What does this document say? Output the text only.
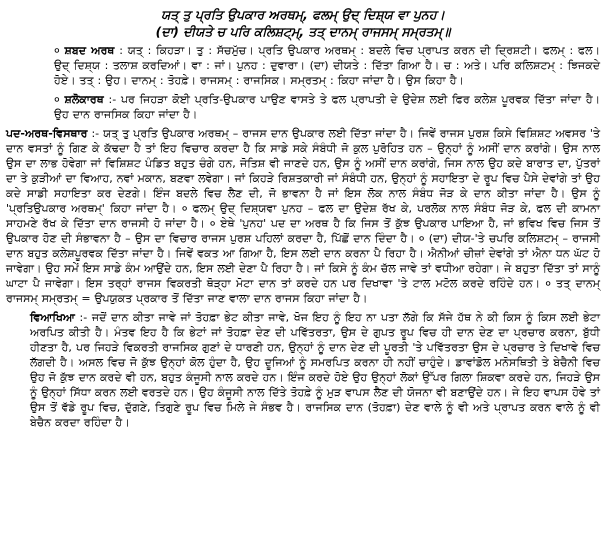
ਯਤ੍ ਤੁ ਪ੍ਰਤਿ ਉਪਕਾਰ ਅਰਥਮ੍, ਫਲਮ੍ ਉਦ੍ ਦਿਸ਼੍ਯ ਵਾ ਪੁਨਹ।
(ਦਾ) ਦੀਯਤੇ ਚ ਪਰਿ ਕਲਿਸ਼ਟ੍ਮ੍, ਤਤ੍ ਦਾਨਮ੍ ਰਾਜਸਮ੍ ਸਮ੍ਰਤਮ੍॥

० ਸ਼ਬਦ ਅਰਥ : ਯਤ੍ : ਕਿਹੜਾ। ਤੁ : ਸੱਚਮੁੱਚ। ਪ੍ਰਤਿ ਉਪਕਾਰ ਅਰਥਮ੍ : ਬਦਲੇ ਵਿਚ ਪ੍ਰਾਪਤ ਕਰਨ ਦੀ ਦ੍ਰਿਸ਼ਟੀ। ਫਲਮ੍ : ਫਲ। ਉਦ੍ ਦਿਸ਼੍ਯ : ਤਲਾਸ਼ ਕਰਦਿਆਂ। ਵਾ : ਜਾਂ। ਪੁਨਹ : ਦੁਵਾਰਾ। (ਦਾ) ਦੀਯਤੇ : ਦਿੱਤਾ ਗਿਆ ਹੈ। ਚ : ਅਤੇ। ਪਰਿ ਕਲਿਸ਼ਟਮ੍ : ਝਿਜਕਦੇ ਹੋਏ। ਤਤ੍ : ਉਹ। ਦਾਨਮ੍ : ਤੋਹਫ਼ੇ। ਰਾਜਸਮ੍ : ਰਾਜਸਿਕ। ਸਮ੍ਰਤਮ੍ : ਕਿਹਾ ਜਾਂਦਾ ਹੈ। ਉਸ ਕਿਹਾ ਹੈ।

० ਸ਼ਲੋਕਾਰਥ :- ਪਰ ਜਿਹੜਾ ਕੋਈ ਪ੍ਰਤਿ-ਉਪਕਾਰ ਪਾਉਣ ਵਾਸਤੇ ਤੇ ਫਲ ਪ੍ਰਾਪਤੀ ਦੇ ਉਦੇਸ਼ ਲਈ ਫਿਰ ਕਲੇਸ਼ ਪੂਰਵਕ ਦਿੱਤਾ ਜਾਂਦਾ ਹੈ। ਉਹ ਦਾਨ ਰਾਜਸਿਕ ਕਿਹਾ ਜਾਂਦਾ ਹੈ।

ਪਦ-ਅਰਥ-ਵਿਸਥਾਰ :- ਯਤ੍ ਤੁ ਪ੍ਰਤਿ ਉਪਕਾਰ ਅਰਥਮ੍ – ਰਾਜਸ ਦਾਨ ਉਪਕਾਰ ਲਈ ਦਿੱਤਾ ਜਾਂਦਾ ਹੈ। ਜਿਵੇਂ ਰਾਜਸ ਪੁਰਸ਼ ਕਿਸੇ ਵਿਸ਼ਿਸ਼ਟ ਅਵਸਰ 'ਤੇ ਦਾਨ ਵਸਤਾਂ ਨੂੰ ਗਿਣ ਕੇ ਕੱਢਦਾ ਹੈ ਤਾਂ ਇਹ ਵਿਚਾਰ ਕਰਦਾ ਹੈ ਕਿ ਸਾਡੇ ਸਕੇ ਸੰਬੰਧੀ ਜੋ ਕੁਲ ਪੁਰੋਹਿਤ ਹਨ – ਉਨ੍ਹਾਂ ਨੂੰ ਅਸੀਂ ਦਾਨ ਕਰਾਂਗੇ। ਉਸ ਨਾਲ ਉਸ ਦਾ ਲਾਭ ਹੋਵੇਗਾ ਜਾਂ ਵਿਸ਼ਿਸ਼ਟ ਪੰਡਿਤ ਬਹੁਤ ਚੰਗੇ ਹਨ, ਜੋਤਿਸ਼ ਵੀ ਜਾਣਦੇ ਹਨ, ਉਸ ਨੂੰ ਅਸੀਂ ਦਾਨ ਕਰਾਂਗੇ, ਜਿਸ ਨਾਲ ਉਹ ਕਦੇ ਬਾਰਾਤ ਦਾ, ਪੁੱਤਰਾਂ ਦਾ ਤੇ ਕੁੜੀਆਂ ਦਾ ਵਿਆਹ, ਨਵਾਂ ਮਕਾਨ, ਬਣਵਾ ਲਵੇਗਾ। ਜਾਂ ਕਿਹੜੇ ਰਿਸ਼ਤਕਾਰੀ ਜਾਂ ਸੰਬੰਧੀ ਹਨ, ਉਨ੍ਹਾਂ ਨੂੰ ਸਹਾਇਤਾ ਦੇ ਰੂਪ ਵਿਚ ਪੈਸੇ ਦੇਵਾਂਗੇ ਤਾਂ ਉਹ ਕਦੇ ਸਾਡੀ ਸਹਾਇਤਾ ਕਰ ਦੇਣਗੇ। ਇੰਜ ਬਦਲੇ ਵਿਚ ਲੈਣ ਦੀ, ਜੋ ਭਾਵਨਾ ਹੈ ਜਾਂ ਇਸ ਲੋਕ ਨਾਲ ਸੰਬੰਧ ਜੋੜ ਕੇ ਦਾਨ ਕੀਤਾ ਜਾਂਦਾ ਹੈ। ਉਸ ਨੂੰ 'ਪ੍ਰਤਿਉਪਕਾਰ ਅਰਥਮ੍' ਕਿਹਾ ਜਾਂਦਾ ਹੈ। ० ਫਲਮ੍ ਉਦ੍ ਦਿਸ਼੍ਯਵਾ ਪੁਨਹ – ਫਲ ਦਾ ਉਦੇਸ਼ ਰੱਖ ਕੇ, ਪਰਲੋਕ ਨਾਲ ਸੰਬੰਧ ਜੋੜ ਕੇ, ਫਲ ਦੀ ਕਾਮਨਾ ਸਾਹਮਣੇ ਰੱਖ ਕੇ ਦਿੱਤਾ ਦਾਨ ਰਾਜਸੀ ਹੋ ਜਾਂਦਾ ਹੈ। ० ਏਥੇ 'ਪੁਨਹ' ਪਦ ਦਾ ਅਰਥ ਹੈ ਕਿ ਜਿਸ ਤੋਂ ਕੁੱਝ ਉਪਕਾਰ ਪਾਇਆ ਹੈ, ਜਾਂ ਭਵਿਖ ਵਿਚ ਜਿਸ ਤੋਂ ਉਪਕਾਰ ਹੋਣ ਦੀ ਸੰਭਾਵਨਾ ਹੈ – ਉਸ ਦਾ ਵਿਚਾਰ ਰਾਜਸ ਪੁਰਸ਼ ਪਹਿਲਾਂ ਕਰਦਾ ਹੈ, ਪਿੱਛੋਂ ਦਾਨ ਦਿੰਦਾ ਹੈ। ० (ਦਾ) ਦੀਯ-'ਤੇ ਚਪਰਿ ਕਲਿਸ਼ਟਮ੍ – ਰਾਜਸੀ ਦਾਨ ਬਹੁਤ ਕਲੇਸ਼ਪੂਰਵਕ ਦਿੱਤਾ ਜਾਂਦਾ ਹੈ। ਜਿਵੇਂ ਵਕਤ ਆ ਗਿਆ ਹੈ, ਇਸ ਲਈ ਦਾਨ ਕਰਨਾ ਪੈ ਰਿਹਾ ਹੈ। ਐਨੀਆਂ ਚੀਜ਼ਾਂ ਦੇਵਾਂਗੇ ਤਾਂ ਐਨਾ ਧਨ ਘੱਟ ਹੋ ਜਾਵੇਗਾ। ਉਹ ਸਮੇਂ ਇਸ ਸਾਡੇ ਕੰਮ ਆਉਂਦੇ ਹਨ, ਇਸ ਲਈ ਦੇਣਾ ਪੈ ਰਿਹਾ ਹੈ। ਜਾਂ ਕਿਸੇ ਨੂੰ ਕੰਮ ਚੱਲ ਜਾਵੇ ਤਾਂ ਵਧੀਆ ਰਹੇਗਾ। ਜੇ ਬਹੁਤਾ ਦਿੱਤਾ ਤਾਂ ਸਾਨੂੰ ਘਾਟਾ ਪੈ ਜਾਵੇਗਾ। ਇਸ ਤਰ੍ਹਾਂ ਰਾਜਸ ਵਿਕਰਤੀ ਥੋੜ੍ਹਾ ਮੋਟਾ ਦਾਨ ਤਾਂ ਕਰਦੇ ਹਨ ਪਰ ਦਿਖਾਵਾ 'ਤੇ ਟਾਲ ਮਟੋਲ ਕਰਦੇ ਰਹਿੰਦੇ ਹਨ। ० ਤਤ੍ ਦਾਨਮ੍ ਰਾਜਸਮ੍ ਸਮ੍ਰਤਮ੍ = ਉਪਯੁਕਤ ਪ੍ਰਕਾਰ ਤੋਂ ਦਿੱਤਾ ਜਾਣ ਵਾਲਾ ਦਾਨ ਰਾਜਸ ਕਿਹਾ ਜਾਂਦਾ ਹੈ।

ਵਿਆਖਿਆ :- ਜਦੋਂ ਦਾਨ ਕੀਤਾ ਜਾਵੇ ਜਾਂ ਤੋਹਫ਼ਾ ਭੇਟ ਕੀਤਾ ਜਾਵੇ, ਖੋਜ ਇਹ ਨੂੰ ਇਹ ਨਾ ਪਤਾ ਲੱਗੇ ਕਿ ਸੱਜੇ ਹੱਥ ਨੇ ਕੀ ਕਿਸ ਨੂੰ ਕਿਸ ਲਈ ਭੇਟਾ ਅਰਪਿਤ ਕੀਤੀ ਹੈ। ਮੰਤਵ ਇਹ ਹੈ ਕਿ ਭੇਟਾਂ ਜਾਂ ਤੋਹਫ਼ਾ ਦੇਣ ਦੀ ਪਵਿੱਤਰਤਾ, ਉਸ ਦੇ ਗੁਪਤ ਰੂਪ ਵਿਚ ਹੀ ਦਾਨ ਦੇਣ ਦਾ ਪ੍ਰਚਾਰ ਕਰਨਾ, ਬੁੱਧੀ ਹੀਣਤਾ ਹੈ, ਪਰ ਜਿਹੜੇ ਵਿਕਰਤੀ ਰਾਜਸਿਕ ਗੁਣਾਂ ਦੇ ਧਾਰਣੀ ਹਨ, ਉਨ੍ਹਾਂ ਨੂੰ ਦਾਨ ਦੇਣ ਦੀ ਪੂਰਤੀ 'ਤੇ ਪਵਿੱਤਰਤਾ ਉਸ ਦੇ ਪ੍ਰਚਾਰ ਤੇ ਦਿਖਾਵੇ ਵਿਚ ਲੱਗਦੀ ਹੈ। ਅਸਲ ਵਿਚ ਜੋ ਕੁੱਝ ਉਨ੍ਹਾਂ ਕੋਲ ਹੁੰਦਾ ਹੈ, ਉਹ ਦੂਜਿਆਂ ਨੂੰ ਸਮਰਪਿਤ ਕਰਨਾ ਹੀ ਨਹੀਂ ਚਾਹੁੰਦੇ। ਡਾਵਾਂਡੋਲ ਮਨੋਸਥਿਤੀ ਤੇ ਬੇਚੈਨੀ ਵਿਚ ਉਹ ਜੋ ਕੁੱਝ ਦਾਨ ਕਰਦੇ ਵੀ ਹਨ, ਬਹੁਤ ਕੰਜੂਸੀ ਨਾਲ ਕਰਦੇ ਹਨ। ਇੰਜ ਕਰਦੇ ਹੋਏ ਉਹ ਉਨ੍ਹਾਂ ਲੋਕਾਂ ਉੱਪਰ ਗਿਲਾ ਸ਼ਿਕਵਾ ਕਰਦੇ ਹਨ, ਜਿਹੜੇ ਉਸ ਨੂੰ ਉਨ੍ਹਾਂ ਸਿੱਧਾ ਕਰਨ ਲਈ ਵਰਤਦੇ ਹਨ। ਉਹ ਕੰਜੂਸੀ ਨਾਲ ਦਿੱਤੇ ਤੋਹਫ਼ੇ ਨੂੰ ਮੁੜ ਵਾਪਸ ਲੈਣ ਦੀ ਯੋਜਨਾ ਵੀ ਬਣਾਉਂਦੇ ਹਨ। ਜੇ ਇਹ ਵਾਪਸ ਹੋਵੇ ਤਾਂ ਉਸ ਤੋਂ ਵੱਡੇ ਰੂਪ ਵਿਚ, ਦੁੱਗਣੇ, ਤਿਗੁਣੇ ਰੂਪ ਵਿਚ ਮਿਲੇ ਜੇ ਸੰਭਵ ਹੈ। ਰਾਜਸਿਕ ਦਾਨ (ਤੋਹਫ਼ਾ) ਦੇਣ ਵਾਲੇ ਨੂੰ ਵੀ ਅਤੇ ਪ੍ਰਾਪਤ ਕਰਨ ਵਾਲੇ ਨੂੰ ਵੀ ਬੇਚੈਨ ਕਰਦਾ ਰਹਿੰਦਾ ਹੈ।
